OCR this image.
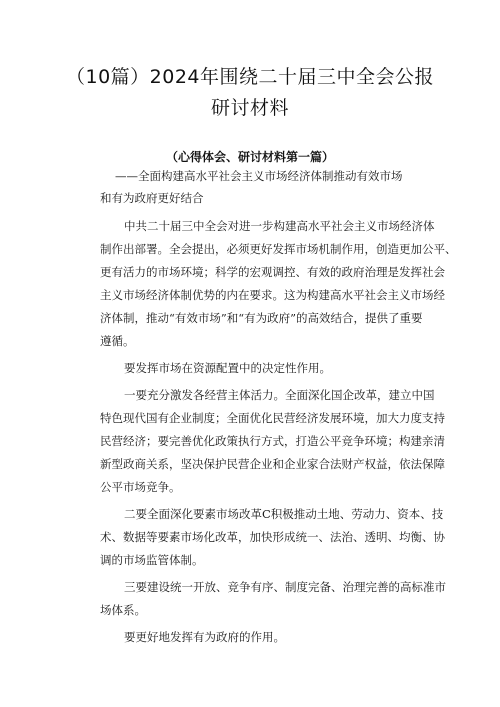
（10篇）2024年围绕二十届三中全会公报
研讨材料
（心得体会、研讨材料第一篇）
——全面构建高水平社会主义市场经济体制推动有效市场
和有为政府更好结合
中共二十届三中全会对进一步构建高水平社会主义市场经济体
制作出部署。全会提出，必须更好发挥市场机制作用，创造更加公平、
更有活力的市场环境；科学的宏观调控、有效的政府治理是发挥社会
主义市场经济体制优势的内在要求。这为构建高水平社会主义市场经
济体制，推动“有效市场”和“有为政府”的高效结合，提供了重要
遵循。
要发挥市场在资源配置中的决定性作用。
一要充分激发各经营主体活力。全面深化国企改革，建立中国
特色现代国有企业制度；全面优化民营经济发展环境，加大力度支持
民营经济；要完善优化政策执行方式，打造公平竞争环境；构建亲清
新型政商关系，坚决保护民营企业和企业家合法财产权益，依法保障
公平市场竞争。
二要全面深化要素市场改革C积极推动土地、劳动力、资本、技
术、数据等要素市场化改革，加快形成统一、法治、透明、均衡、协
调的市场监管体制。
三要建设统一开放、竞争有序、制度完备、治理完善的高标准市
场体系。
要更好地发挥有为政府的作用。
